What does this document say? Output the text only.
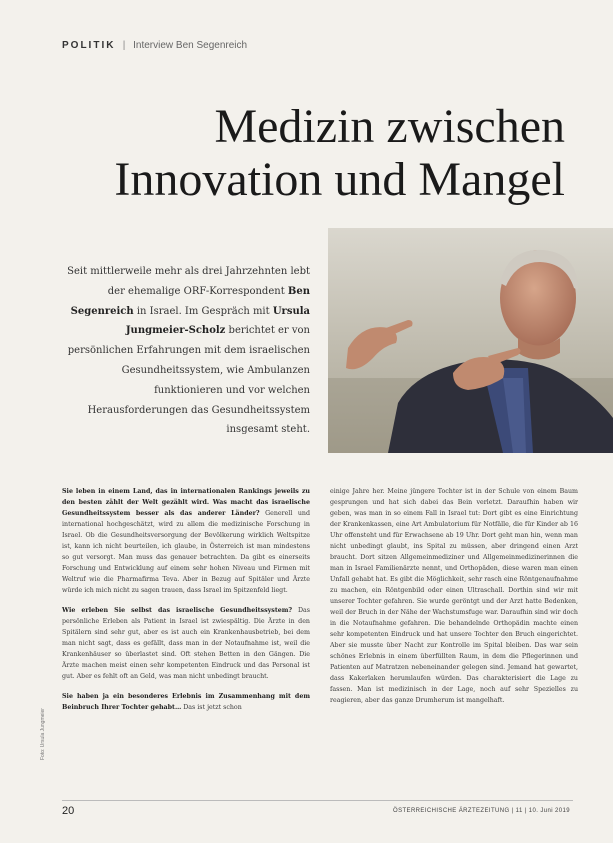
POLITIK | Interview Ben Segenreich
Medizin zwischen
Innovation und Mangel

Seit mittlerweile mehr als drei Jahrzehnten lebt der ehemalige ORF-Korrespondent Ben Segenreich in Israel. Im Gespräch mit Ursula Jungmeier-Scholz berichtet er von persönlichen Erfahrungen mit dem israelischen Gesundheitssystem, wie Ambulanzen funktionieren und vor welchen Herausforderungen das Gesundheitssystem insgesamt steht.

Sie leben in einem Land, das in internationalen Rankings jeweils zu den besten zählt der Welt gezählt wird. Was macht das israelische Gesundheitssystem besser als das anderer Länder? Generell und international hochgeschätzt, wird zu allem die medizinische Forschung in Israel. Ob die Gesundheitsversorgung der Bevölkerung wirklich Weltspitze ist, kann ich nicht beurteilen, ich glaube, in Österreich ist man mindestens so gut versorgt. Man muss das genauer betrachten. Da gibt es einerseits Forschung und Entwicklung auf einem sehr hohen Niveau und Firmen mit Weltruf wie die Pharmafirma Teva. Aber in Bezug auf Spitäler und Ärzte würde ich mich nicht zu sagen trauen, dass Israel im Spitzenfeld liegt.

Wie erleben Sie selbst das israelische Gesundheitssystem? Das persönliche Erleben als Patient in Israel ist zwiespältig. Die Ärzte in den Spitälern sind sehr gut, aber es ist auch ein Krankenhausbetrieb, bei dem man nicht sagt, dass es gefällt, dass man in der Notaufnahme ist, weil die Krankenhäuser so überlastet sind. Oft stehen Betten in den Gängen. Die Ärzte machen meist einen sehr kompetenten Eindruck und das Personal ist gut. Aber es fehlt oft an Geld, was man nicht unbedingt braucht.

Sie haben ja ein besonderes Erlebnis im Zusammenhang mit dem Beinbruch Ihrer Tochter gehabt… Das ist jetzt schon

einige Jahre her. Meine jüngere Tochter ist in der Schule von einem Baum gesprungen und hat sich dabei das Bein verletzt. Daraufhin haben wir geben, was man in so einem Fall in Israel tut: Dort gibt es eine Einrichtung der Krankenkassen, eine Art Ambulatorium für Notfälle, die für Kinder ab 16 Uhr offensteht und für Erwachsene ab 19 Uhr. Dort geht man hin, wenn man nicht unbedingt glaubt, ins Spital zu müssen, aber dringend einen Arzt braucht. Dort sitzen Allgemeinmediziner und Allgemeinmedizinerinnen die man in Israel Familienärzte nennt, und Orthopäden, diese waren man einen Unfall gehabt hat. Es gibt die Möglichkeit, sehr rasch eine Röntgenaufnahme zu machen, ein Röntgenbild oder einen Ultraschall. Dorthin sind wir mit unserer Tochter gefahren. Sie wurde geröntgt und der Arzt hatte Bedenken, weil der Bruch in der Nähe der Wachstumsfuge war. Daraufhin sind wir doch in die Notaufnahme gefahren. Die behandelnde Orthopädin machte einen sehr kompetenten Eindruck und hat unsere Tochter den Bruch eingerichtet. Aber sie musste über Nacht zur Kontrolle im Spital bleiben. Das war sein schönes Erlebnis in einem überfüllten Raum, in dem die Pflegerinnen und Patienten auf Matratzen nebeneinander gelegen sind. Jemand hat gewartet, dass Kakerlaken herumlaufen würden. Das charakterisiert die Lage zu fassen. Man ist medizinisch in der Lage, noch auf sehr Spezielles zu reagieren, aber das ganze Drumherum ist mangelhaft.

Foto: Ursula Jungmeier
20	ÖSTERREICHISCHE ÄRZTEZEITUNG | 11 | 10. Juni 2019
